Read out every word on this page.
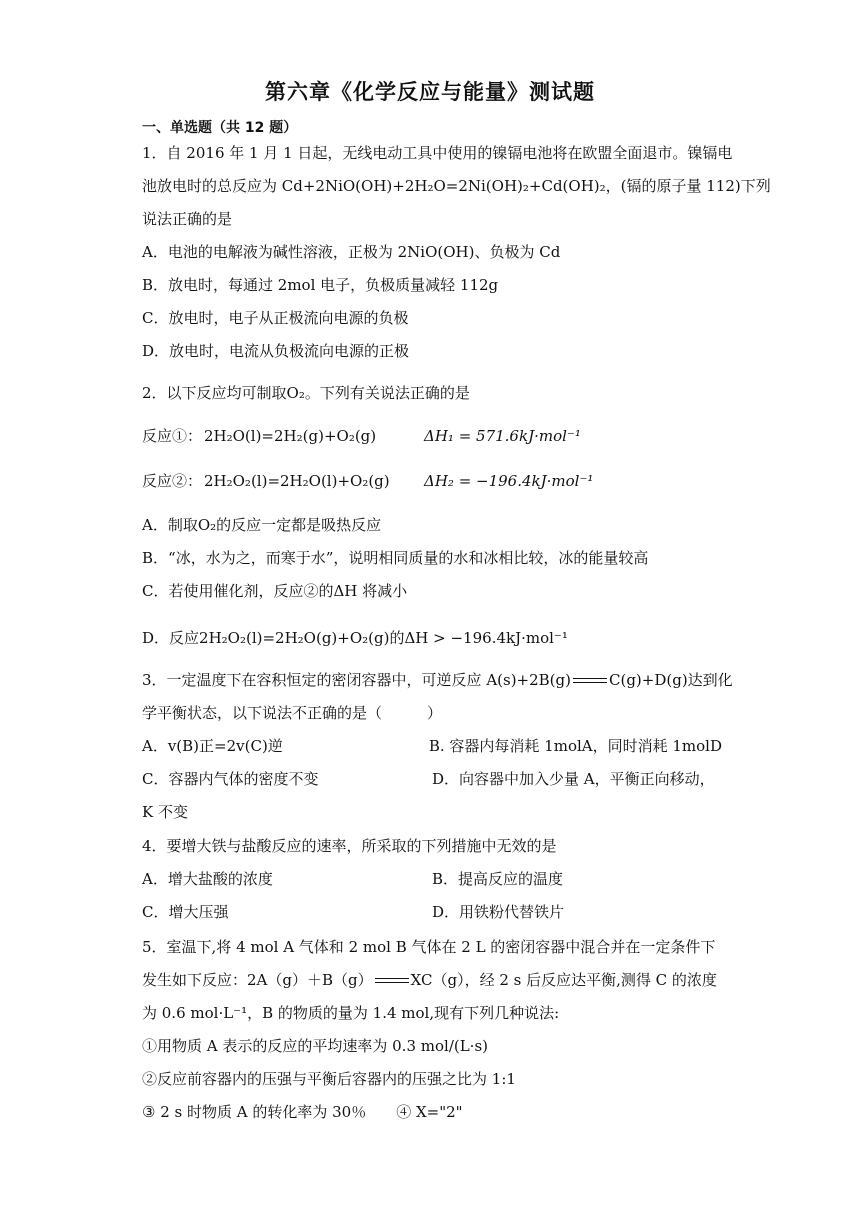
第六章《化学反应与能量》测试题
一、单选题（共 12 题）
1．自 2016 年 1 月 1 日起，无线电动工具中使用的镍镉电池将在欧盟全面退市。镍镉电
池放电时的总反应为 Cd+2NiO(OH)+2H₂O=2Ni(OH)₂+Cd(OH)₂，(镉的原子量 112)下列
说法正确的是
A．电池的电解液为碱性溶液，正极为 2NiO(OH)、负极为 Cd
B．放电时，每通过 2mol 电子，负极质量减轻 112g
C．放电时，电子从正极流向电源的负极
D．放电时，电流从负极流向电源的正极
2．以下反应均可制取O₂。下列有关说法正确的是
反应①： 2H₂O(l)=2H₂(g)+O₂(g)	ΔH₁ = 571.6kJ·mol⁻¹
反应②： 2H₂O₂(l)=2H₂O(l)+O₂(g) ΔH₂ = −196.4kJ·mol⁻¹
A．制取O₂的反应一定都是吸热反应
B．“冰，水为之，而寒于水”，说明相同质量的水和冰相比较，冰的能量较高
C．若使用催化剂，反应②的ΔH 将减小
D．反应2H₂O₂(l)=2H₂O(g)+O₂(g)的ΔH > −196.4kJ·mol⁻¹
3．一定温度下在容积恒定的密闭容器中，可逆反应 A(s)+2B(g)	C(g)+D(g)达到化
学平衡状态，以下说法不正确的是（　　　）
A．v(B)正=2v(C)逆	B. 容器内每消耗 1molA，同时消耗 1molD
C．容器内气体的密度不变	D．向容器中加入少量 A，平衡正向移动，
K 不变
4．要增大铁与盐酸反应的速率，所采取的下列措施中无效的是
A．增大盐酸的浓度	B．提高反应的温度
C．增大压强	D．用铁粉代替铁片
5．室温下,将 4 mol A 气体和 2 mol B 气体在 2 L 的密闭容器中混合并在一定条件下
发生如下反应：2A（g）＋B（g）	XC（g），经 2 s 后反应达平衡,测得 C 的浓度
为 0.6 mol·L⁻¹，B 的物质的量为 1.4 mol,现有下列几种说法:
①用物质 A 表示的反应的平均速率为 0.3 mol/(L·s)
②反应前容器内的压强与平衡后容器内的压强之比为 1:1
③ 2 s 时物质 A 的转化率为 30％　　④ X="2"
